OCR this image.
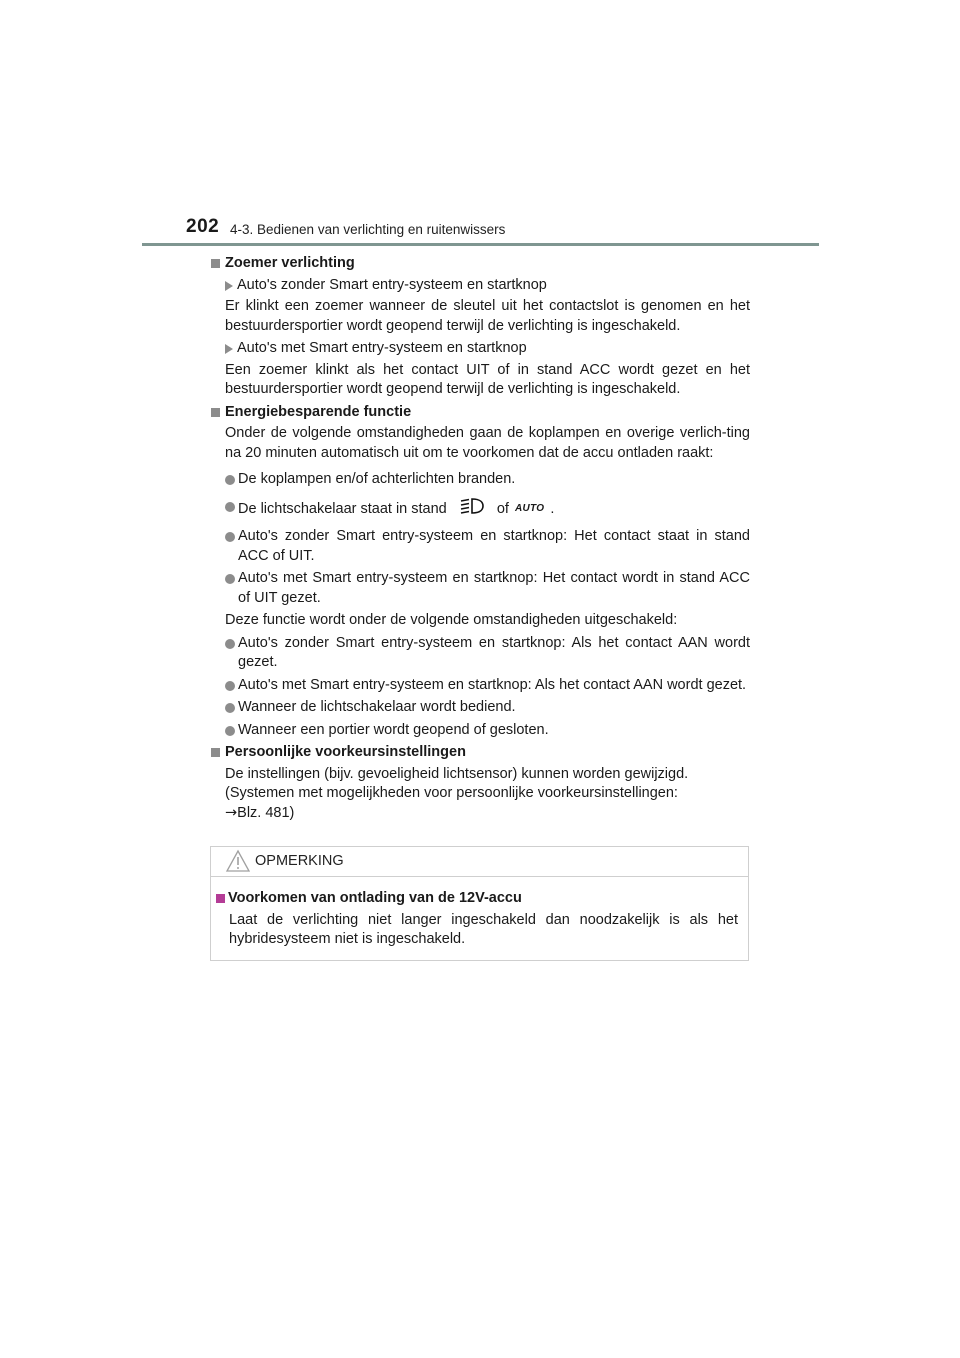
202 4-3. Bedienen van verlichting en ruitenwissers
Zoemer verlichting
Auto's zonder Smart entry-systeem en startknop

Er klinkt een zoemer wanneer de sleutel uit het contactslot is genomen en het bestuurdersportier wordt geopend terwijl de verlichting is ingeschakeld.

Auto's met Smart entry-systeem en startknop

Een zoemer klinkt als het contact UIT of in stand ACC wordt gezet en het bestuurdersportier wordt geopend terwijl de verlichting is ingeschakeld.

Energiebesparende functie

Onder de volgende omstandigheden gaan de koplampen en overige verlich-ting na 20 minuten automatisch uit om te voorkomen dat de accu ontladen raakt:

De koplampen en/of achterlichten branden.
De lichtschakelaar staat in stand	of AUTO .
Auto's zonder Smart entry-systeem en startknop: Het contact staat in stand ACC of UIT.
Auto's met Smart entry-systeem en startknop: Het contact wordt in stand ACC of UIT gezet.

Deze functie wordt onder de volgende omstandigheden uitgeschakeld:

Auto's zonder Smart entry-systeem en startknop: Als het contact AAN wordt gezet.
Auto's met Smart entry-systeem en startknop: Als het contact AAN wordt gezet.
Wanneer de lichtschakelaar wordt bediend.
Wanneer een portier wordt geopend of gesloten.
Persoonlijke voorkeursinstellingen
De instellingen (bijv. gevoeligheid lichtsensor) kunnen worden gewijzigd.
(Systemen met mogelijkheden voor persoonlijke voorkeursinstellingen:
→Blz. 481)
OPMERKING
Voorkomen van ontlading van de 12V-accu

Laat de verlichting niet langer ingeschakeld dan noodzakelijk is als het hybridesysteem niet is ingeschakeld.
